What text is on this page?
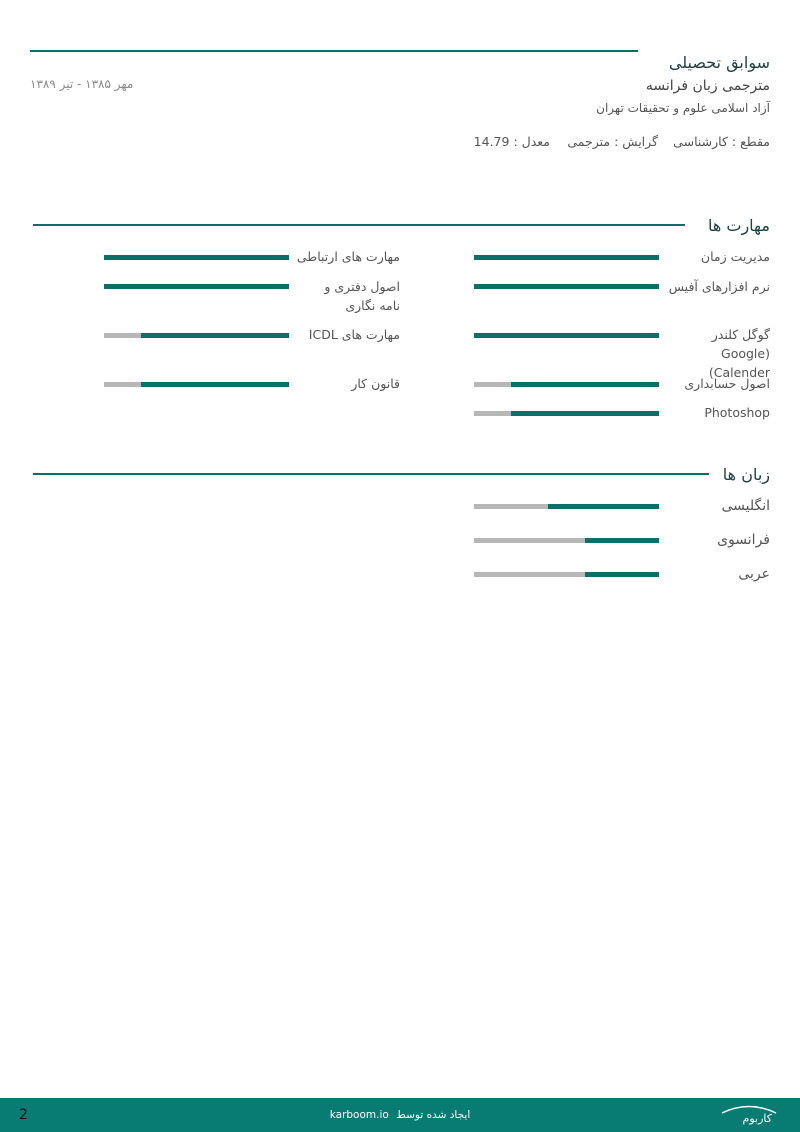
سوابق تحصیلی
مهر ۱۳۸۵ - تیر ۱۳۸۹	مترجمی زبان فرانسه
آزاد اسلامی علوم و تحقیقات تهران
مقطع : کارشناسی
گرایش : مترجمی
معدل : 14.79
مهارت ها
مدیریت زمان
نرم افزارهای آفیس
گوگل کلندر (Google Calender)
اصول حسابداری
Photoshop
مهارت های ارتباطی
اصول دفتری و نامه نگاری
مهارت های ICDL
قانون کار
زبان ها
انگلیسی
فرانسوی
عربی
2	karboom.io ایجاد شده توسط	کاربوم
